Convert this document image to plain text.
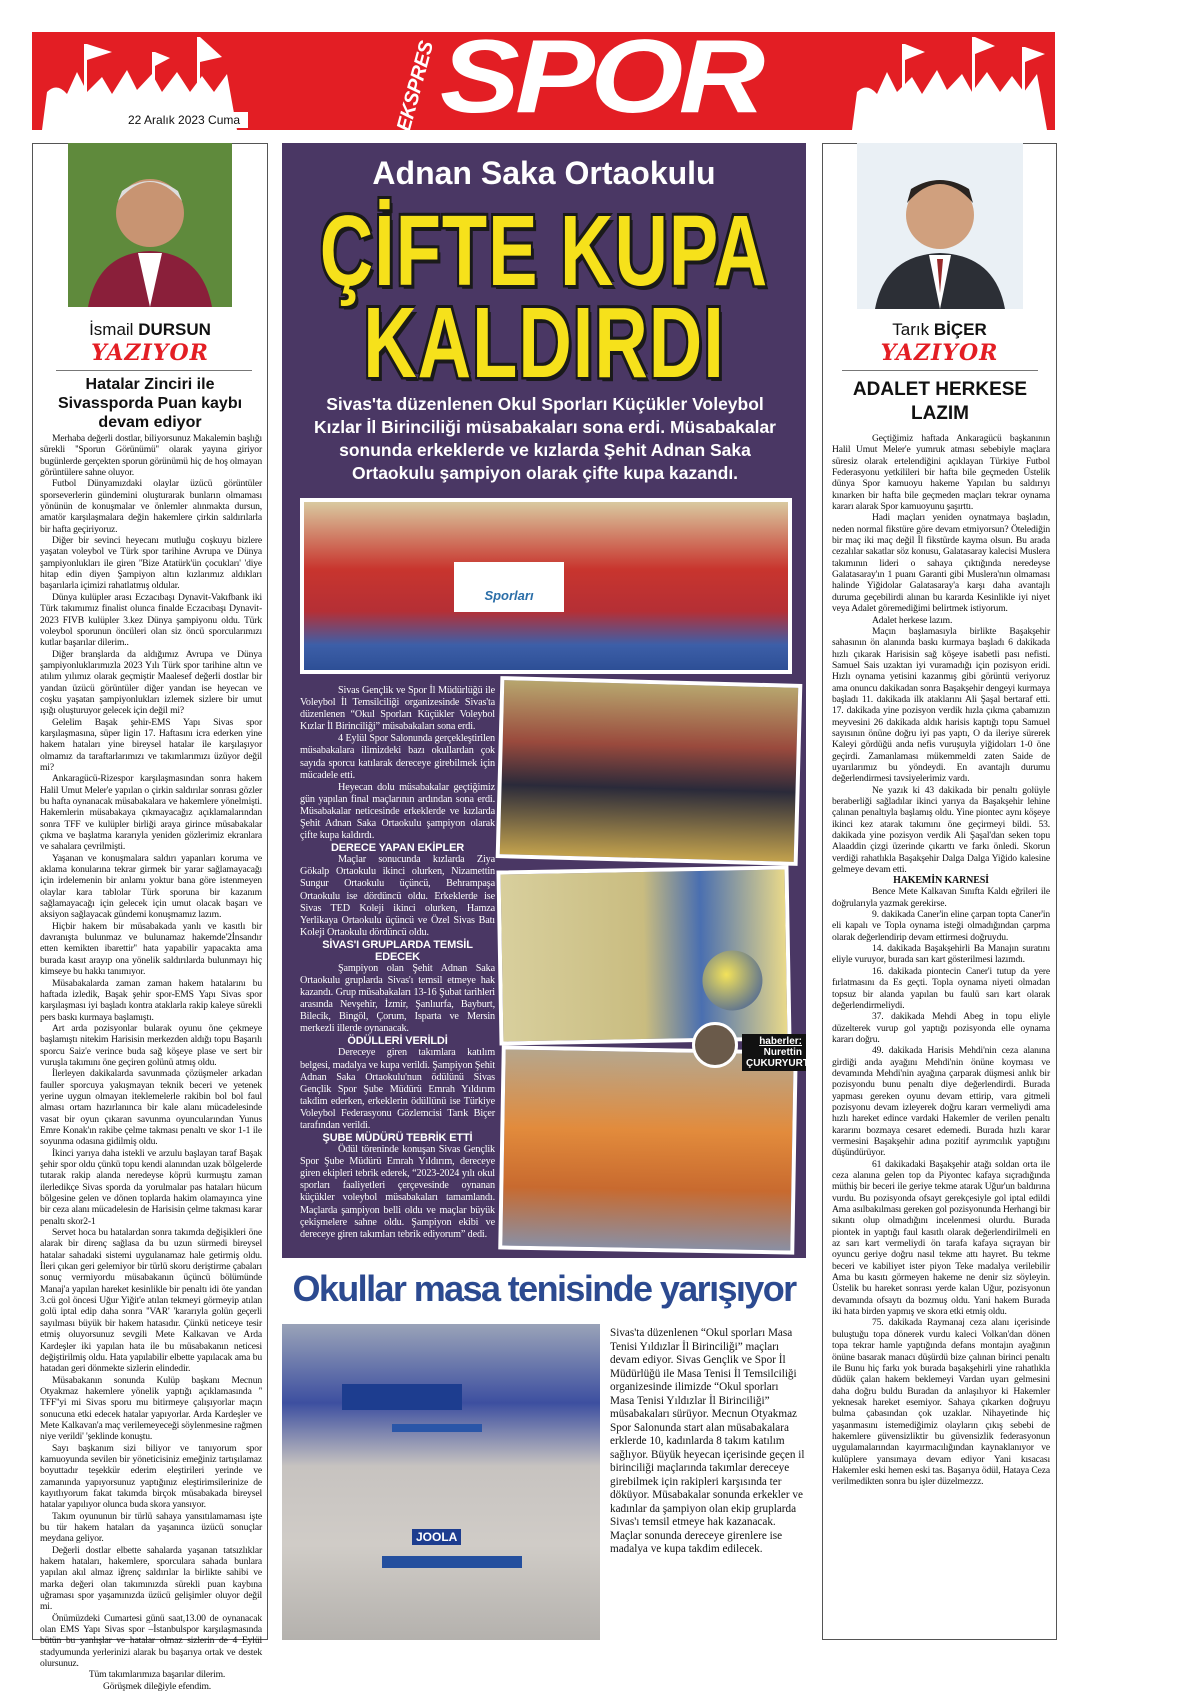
22 Aralık 2023 Cuma	EKSPRES SPOR
İsmail DURSUN
YAZIYOR
Hatalar Zinciri ile Sivassporda Puan kaybı devam ediyor

Merhaba değerli dostlar, biliyorsunuz Makalemin başlığı sürekli ''Sporun Görünümü'' olarak yayına giriyor bugünlerde gerçekten sporun görünümü hiç de hoş olmayan görüntülere sahne oluyor.

Futbol Dünyamızdaki olaylar üzücü görüntüler sporseverlerin gündemini oluşturarak bunların olmaması yönünün de konuşmalar ve önlemler alınmakta dursun, amatör karşılaşmalara değin hakemlere çirkin saldırılarla bir hafta geçiriyoruz.

Diğer bir sevinci heyecanı mutluğu coşkuyu bizlere yaşatan voleybol ve Türk spor tarihine Avrupa ve Dünya şampiyonlukları ile giren ''Bize Atatürk'ün çocukları' 'diye hitap edin diyen Şampiyon altın kızlarımız aldıkları başarılarla içimizi rahatlatmış oldular.

Dünya kulüpler arası Eczacıbaşı Dynavit-Vakıfbank iki Türk takımımız finalist olunca finalde Eczacıbaşı Dynavit-2023 FIVB kulüpler 3.kez Dünya şampiyonu oldu. Türk voleybol sporunun öncüleri olan siz öncü sporcularımızı kutlar başarılar dilerim..

Diğer branşlarda da aldığımız Avrupa ve Dünya şampiyonluklarımızla 2023 Yılı Türk spor tarihine altın ve atılım yılımız olarak geçmiştir Maalesef değerli dostlar bir yandan üzücü görüntüler diğer yandan ise heyecan ve coşku yaşatan şampiyonlukları izlemek sizlere bir umut ışığı oluşturuyor gelecek için değil mi?

Gelelim Başak şehir-EMS Yapı Sivas spor karşılaşmasına, süper ligin 17. Haftasını icra ederken yine hakem hataları yine bireysel hatalar ile karşılaşıyor olmamız da taraftarlarımızı ve takımlarımızı üzüyor değil mi?

Ankaragücü-Rizespor karşılaşmasından sonra hakem Halil Umut Meler'e yapılan o çirkin saldırılar sonrası gözler bu hafta oynanacak müsabakalara ve hakemlere yönelmişti. Hakemlerin müsabakaya çıkmayacağız açıklamalarından sonra TFF ve kulüpler birliği araya girince müsabakalar çıkma ve başlatma kararıyla yeniden gözlerimiz ekranlara ve sahalara çevrilmişti.

Yaşanan ve konuşmalara saldırı yapanları koruma ve aklama konularına tekrar girmek bir yarar sağlamayacağı için irdelemenin bir anlamı yoktur bana göre istenmeyen olaylar kara tablolar Türk sporuna bir kazanım sağlamayacağı için gelecek için umut olacak başarı ve aksiyon sağlayacak gündemi konuşmamız lazım.

Hiçbir hakem bir müsabakada yanlı ve kasıtlı bir davranışta bulunmaz ve bulunamaz hakemde'2İnsandır etten kemikten ibarettir'' hata yapabilir yapacakta ama burada kasıt arayıp ona yönelik saldırılarda bulunmayı hiç kimseye bu hakkı tanımıyor.

Müsabakalarda zaman zaman hakem hatalarını bu haftada izledik, Başak şehir spor-EMS Yapı Sivas spor karşılaşması iyi başladı kontra ataklarla rakip kaleye sürekli pers baskı kurmaya başlamıştı.

Art arda pozisyonlar bularak oyunu öne çekmeye başlamıştı nitekim Harisisin merkezden aldığı topu Başarılı sporcu Saiz'e verince buda sağ köşeye plase ve sert bir vuruşla takımını öne geçiren golünü atmış oldu.

İlerleyen dakikalarda savunmada çözüşmeler arkadan fauller sporcuya yakışmayan teknik beceri ve yetenek yerine uygun olmayan iteklemelerle rakibin bol bol faul alması ortam hazırlanınca bir kale alanı mücadelesinde vasat bir oyun çıkaran savunma oyuncularından Yunus Emre Konak'ın rakibe çelme takması penaltı ve skor 1-1 ile soyunma odasına gidilmiş oldu.

İkinci yarıya daha istekli ve arzulu başlayan taraf Başak şehir spor oldu çünkü topu kendi alanından uzak bölgelerde tutarak rakip alanda neredeyse köprü kurmuştu zaman ilerledikçe Sivas sporda da yorulmalar pas hataları hücum bölgesine gelen ve dönen toplarda hakim olamayınca yine bir ceza alanı mücadelesin de Harisisin çelme takması karar penaltı skor2-1

Servet hoca bu hatalardan sonra takımda değişikleri öne alarak bir direnç sağlasa da bu uzun sürmedi bireysel hatalar sahadaki sistemi uygulanamaz hale getirmiş oldu. İleri çıkan geri gelemiyor bir türlü skoru deriştirme çabaları sonuç vermiyordu müsabakanın üçüncü bölümünde Manaj'a yapılan hareket kesinlikle bir penaltı idi öte yandan 3.cü gol öncesi Uğur Yiğit'e atılan tekmeyi görmeyip atılan golü iptal edip daha sonra ''VAR' 'kararıyla golün geçerli sayılması büyük bir hakem hatasıdır. Çünkü neticeye tesir etmiş oluyorsunuz sevgili Mete Kalkavan ve Arda Kardeşler iki yapılan hata ile bu müsabakanın neticesi değiştirilmiş oldu. Hata yapılabilir elbette yapılacak ama bu hatadan geri dönmekte sizlerin elindedir.

Müsabakanın sonunda Kulüp başkanı Mecnun Otyakmaz hakemlere yönelik yaptığı açıklamasında '' TFF''yi mi Sivas sporu mu bitirmeye çalışıyorlar maçın sonucuna etki edecek hatalar yapıyorlar. Arda Kardeşler ve Mete Kalkavan'a maç verilemeyeceği söylenmesine rağmen niye verildi' 'şeklinde konuştu.

Sayı başkanım sizi biliyor ve tanıyorum spor kamuoyunda sevilen bir yöneticisiniz emeğiniz tartışılamaz boyuttadır teşekkür ederim eleştirileri yerinde ve zamanında yapıyorsunuz yaptığınız eleştirimsilerinize de kayıtlıyorum fakat takımda birçok müsabakada bireysel hatalar yapılıyor olunca buda skora yansıyor.

Takım oyununun bir türlü sahaya yansıtılamaması işte bu tür hakem hataları da yaşanınca üzücü sonuçlar meydana geliyor.

Değerli dostlar elbette sahalarda yaşanan tatsızlıklar hakem hataları, hakemlere, sporculara sahada bunlara yapılan akıl almaz iğrenç saldırılar la birlikte sahibi ve marka değeri olan takımınızda sürekli puan kaybına uğraması spor yaşamınızda üzücü gelişimler oluyor değil mi.

Önümüzdeki Cumartesi günü saat,13.00 de oynanacak olan EMS Yapı Sivas spor –İstanbulspor karşılaşmasında bütün bu yanlışlar ve hatalar olmaz sizlerin de 4 Eylül stadyumunda yerlerinizi alarak bu başarıya ortak ve destek olursunuz.

Tüm takımlarımıza başarılar dilerim.

Görüşmek dileğiyle efendim.

Adnan Saka Ortaokulu
ÇİFTE KUPA
KALDIRDI
Sivas'ta düzenlenen Okul Sporları Küçükler Voleybol Kızlar İl Birinciliği müsabakaları sona erdi. Müsabakalar sonunda erkeklerde ve kızlarda Şehit Adnan Saka Ortaokulu şampiyon olarak çifte kupa kazandı.
Sporları
haberler:
Nurettin
ÇUKURYURT

Sivas Gençlik ve Spor İl Müdürlüğü ile Voleybol İl Temsilciliği organizesinde Sivas'ta düzenlenen “Okul Sporları Küçükler Voleybol Kızlar İl Birinciliği” müsabakaları sona erdi.

4 Eylül Spor Salonunda gerçekleştirilen müsabakalara ilimizdeki bazı okullardan çok sayıda sporcu katılarak dereceye girebilmek için mücadele etti.

Heyecan dolu müsabakalar geçtiğimiz gün yapılan final maçlarının ardından sona erdi. Müsabakalar neticesinde erkeklerde ve kızlarda Şehit Adnan Saka Ortaokulu şampiyon olarak çifte kupa kaldırdı.

DERECE YAPAN EKİPLER

Maçlar sonucunda kızlarda Ziya Gökalp Ortaokulu ikinci olurken, Nizamettin Sungur Ortaokulu üçüncü, Behrampaşa Ortaokulu ise dördüncü oldu. Erkeklerde ise Sivas TED Koleji ikinci olurken, Hamza Yerlikaya Ortaokulu üçüncü ve Özel Sivas Batı Koleji Ortaokulu dördüncü oldu.

SİVAS'I GRUPLARDA TEMSİL EDECEK

Şampiyon olan Şehit Adnan Saka Ortaokulu gruplarda Sivas'ı temsil etmeye hak kazandı. Grup müsabakaları 13-16 Şubat tarihleri arasında Nevşehir, İzmir, Şanlıurfa, Bayburt, Bilecik, Bingöl, Çorum, Isparta ve Mersin merkezli illerde oynanacak.

ÖDÜLLERİ VERİLDİ

Dereceye giren takımlara katılım belgesi, madalya ve kupa verildi. Şampiyon Şehit Adnan Saka Ortaokulu'nun ödülünü Sivas Gençlik Spor Şube Müdürü Emrah Yıldırım takdim ederken, erkeklerin ödüllünü ise Türkiye Voleybol Federasyonu Gözlemcisi Tarık Biçer tarafından verildi.

ŞUBE MÜDÜRÜ TEBRİK ETTİ

Ödül töreninde konuşan Sivas Gençlik Spor Şube Müdürü Emrah Yıldırım, dereceye giren ekipleri tebrik ederek, “2023-2024 yılı okul sporları faaliyetleri çerçevesinde oynanan küçükler voleybol müsabakaları tamamlandı. Maçlarda şampiyon belli oldu ve maçlar büyük çekişmelere sahne oldu. Şampiyon ekibi ve dereceye giren takımları tebrik ediyorum” dedi.

Okullar masa tenisinde yarışıyor
JOOLA
Sivas'ta düzenlenen “Okul sporları Masa Tenisi Yıldızlar İl Birinciliği” maçları devam ediyor. Sivas Gençlik ve Spor İl Müdürlüğü ile Masa Tenisi İl Temsilciliği organizesinde ilimizde “Okul sporları Masa Tenisi Yıldızlar İl Birinciliği” müsabakaları sürüyor. Mecnun Otyakmaz Spor Salonunda start alan müsabakalara erklerde 10, kadınlarda 8 takım katılım sağlıyor. Büyük heyecan içerisinde geçen il birinciliği maçlarında takımlar dereceye girebilmek için rakipleri karşısında ter döküyor. Müsabakalar sonunda erkekler ve kadınlar da şampiyon olan ekip gruplarda Sivas'ı temsil etmeye hak kazanacak. Maçlar sonunda dereceye girenlere ise madalya ve kupa takdim edilecek.
Tarık BİÇER
YAZIYOR
ADALET HERKESE LAZIM

Geçtiğimiz haftada Ankaragücü başkanının Halil Umut Meler'e yumruk atması sebebiyle maçlara süresiz olarak ertelendiğini açıklayan Türkiye Futbol Federasyonu yetkilileri bir hafta bile geçmeden Üstelik dünya Spor kamuoyu hakeme Yapılan bu saldırıyı kınarken bir hafta bile geçmeden maçları tekrar oynama kararı alarak Spor kamuoyunu şaşırttı.

Hadi maçları yeniden oynatmaya başladın, neden normal fikstüre göre devam etmiyorsun? Ötelediğin bir maç iki maç değil İl fikstürde kayma olsun. Bu arada cezalılar sakatlar söz konusu, Galatasaray kalecisi Muslera takımının lideri o sahaya çıktığında neredeyse Galatasaray'ın 1 puanı Garanti gibi Muslera'nın olmaması halinde Yiğidolar Galatasaray'a karşı daha avantajlı duruma geçebilirdi alınan bu kararda Kesinlikle iyi niyet veya Adalet göremediğimi belirtmek istiyorum.

Adalet herkese lazım.

Maçın başlamasıyla birlikte Başakşehir sahasının ön alanında baskı kurmaya başladı 6 dakikada hızlı çıkarak Harisisin sağ köşeye isabetli pası nefisti. Samuel Sais uzaktan iyi vuramadığı için pozisyon eridi. Hızlı oynama yetisini kazanmış gibi görüntü veriyoruz ama onuncu dakikadan sonra Başakşehir dengeyi kurmaya başladı 11. dakikada ilk ataklarını Ali Şaşal bertaraf etti. 17. dakikada yine pozisyon verdik hızla çıkma çabamızın meyvesini 26 dakikada aldık harisis kaptığı topu Samuel sayısının önüne doğru iyi pas yaptı, O da ileriye sürerek Kaleyi gördüğü anda nefis vuruşuyla yiğidoları 1-0 öne geçirdi. Zamanlaması mükemmeldi zaten Saide de uyarılarımız bu yöndeydi. En avantajlı durumu değerlendirmesi tavsiyelerimiz vardı.

Ne yazık ki 43 dakikada bir penaltı golüyle beraberliği sağladılar ikinci yarıya da Başakşehir lehine çalınan penaltıyla başlamış oldu. Yine piontec aynı köşeye ikinci kez atarak takımını öne geçirmeyi bildi. 53. dakikada yine pozisyon verdik Ali Şaşal'dan seken topu Alaaddin çizgi üzerinde çıkarttı ve farkı önledi. Skorun verdiği rahatlıkla Başakşehir Dalga Dalga Yiğido kalesine gelmeye devam etti.

HAKEMİN KARNESİ

Bence Mete Kalkavan Sınıfta Kaldı eğrileri ile doğrularıyla yazmak gerekirse.

9. dakikada Caner'in eline çarpan topta Caner'in eli kapalı ve Topla oynama isteği olmadığından çarpma olarak değerlendirip devam ettirmesi doğruydu.

14. dakikada Başakşehirli Ba Manajın suratını eliyle vuruyor, burada sarı kart gösterilmesi lazımdı.

16. dakikada piontecin Caner'i tutup da yere fırlatmasını da Es geçti. Topla oynama niyeti olmadan topsuz bir alanda yapılan bu faulü sarı kart olarak değerlendirmeliydi.

37. dakikada Mehdi Abeg in topu eliyle düzelterek vurup gol yaptığı pozisyonda elle oynama kararı doğru.

49. dakikada Harisis Mehdi'nin ceza alanına girdiği anda ayağını Mehdi'nin önüne koyması ve devamında Mehdi'nin ayağına çarparak düşmesi anlık bir pozisyondu bunu penaltı diye değerlendirdi. Burada yapması gereken oyunu devam ettirip, vara gitmeli pozisyonu devam izleyerek doğru kararı vermeliydi ama hızlı hareket edince vardaki Hakemler de verilen penaltı kararını bozmaya cesaret edemedi. Burada hızlı karar vermesini Başakşehir adına pozitif ayrımcılık yaptığını düşündürüyor.

61 dakikadaki Başakşehir atağı soldan orta ile ceza alanına gelen top da Piyontec kafaya sıçradığında müthiş bir beceri ile geriye tekme atarak Uğur'un baldırına vurdu. Bu pozisyonda ofsayt gerekçesiyle gol iptal edildi Ama asılbakılması gereken gol pozisyonunda Herhangi bir sıkıntı olup olmadığını incelenmesi olurdu. Burada piontek in yaptığı faul kasıtlı olarak değerlendirilmeli en az sarı kart vermeliydi ön tarafa kafaya sıçrayan bir oyuncu geriye doğru nasıl tekme attı hayret. Bu tekme beceri ve kabiliyet ister piyon Teke madalya verilebilir Ama bu kasıtı görmeyen hakeme ne denir siz söyleyin. Üstelik bu hareket sonrası yerde kalan Uğur, pozisyonun devamında ofsaytı da bozmuş oldu. Yani hakem Burada iki hata birden yapmış ve skora etki etmiş oldu.

75. dakikada Raymanaj ceza alanı içerisinde buluştuğu topa dönerek vurdu kaleci Volkan'dan dönen topa tekrar hamle yaptığında defans montajın ayağının önüne basarak manacı düşürdü bize çalınan birinci penaltı ile Bunu hiç farkı yok burada başakşehirli yine rahatlıkla düdük çalan hakem beklemeyi Vardan uyarı gelmesini daha doğru buldu Buradan da anlaşılıyor ki Hakemler yeknesak hareket esemiyor. Sahaya çıkarken doğruyu bulma çabasından çok uzaklar. Nihayetinde hiç yaşanmasını istemediğimiz olayların çıkış sebebi de hakemlere güvensizliktir bu güvensizlik federasyonun uygulamalarından kayırmacılığından kaynaklanıyor ve kulüplere yansımaya devam ediyor Yani kısacası Hakemler eski hemen eski tas. Başarıya ödül, Hataya Ceza verilmedikten sonra bu işler düzelmezzz.
